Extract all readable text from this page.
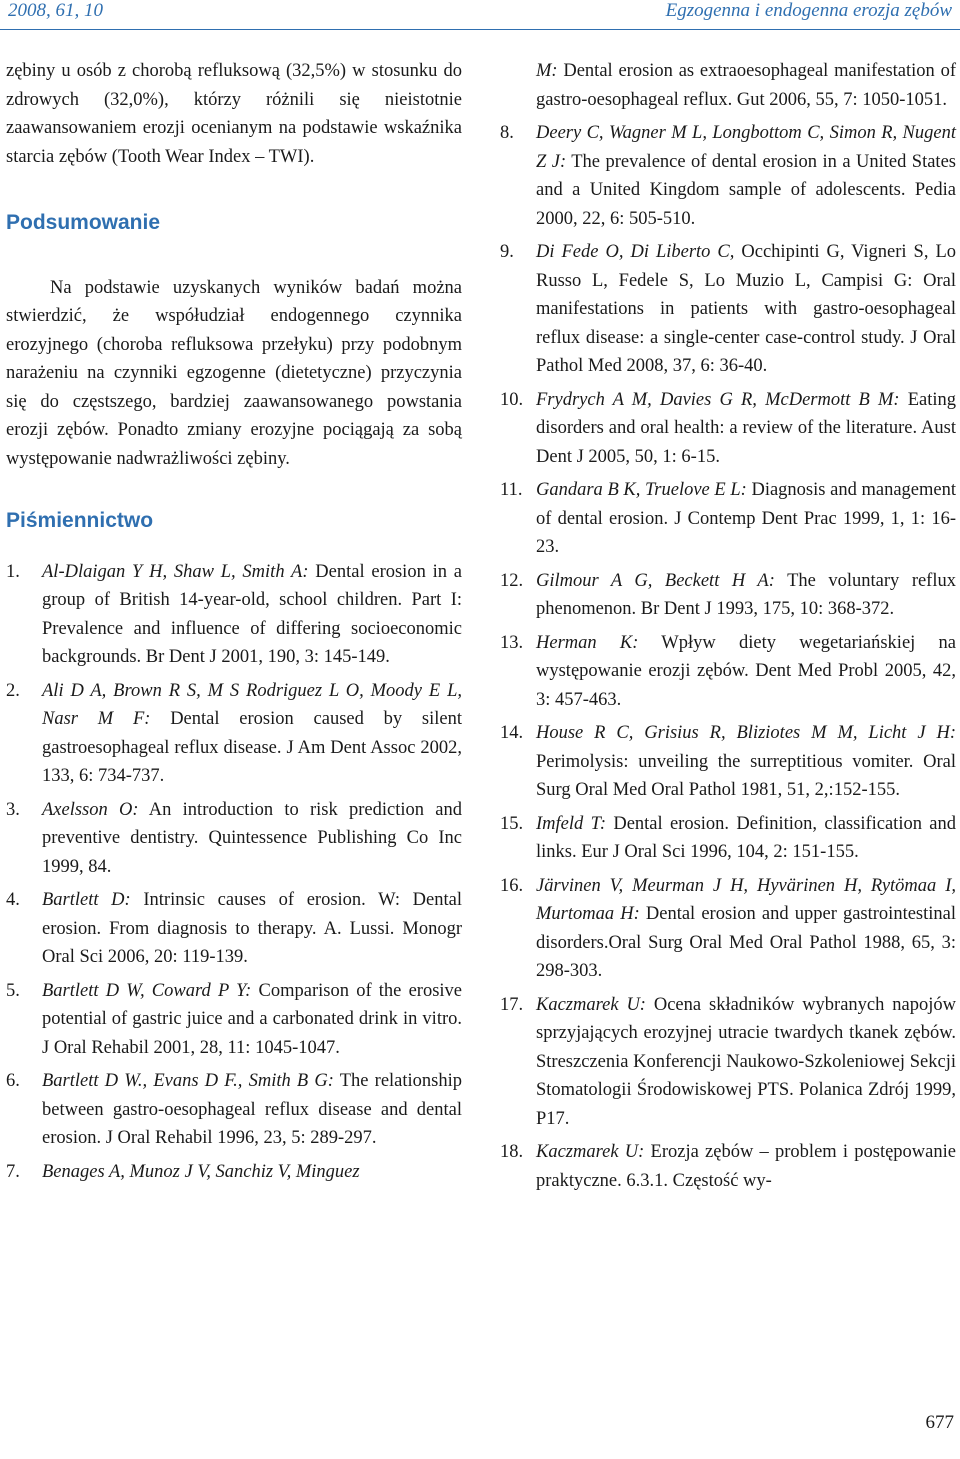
2008, 61, 10	Egzogenna i endogenna erozja zębów

zębiny u osób z chorobą refluksową (32,5%) w stosunku do zdrowych (32,0%), którzy różnili się nieistotnie zaawansowaniem erozji ocenianym na podstawie wskaźnika starcia zębów (Tooth Wear Index – TWI).

Podsumowanie

Na podstawie uzyskanych wyników badań można stwierdzić, że współudział endogennego czynnika erozyjnego (choroba refluksowa przełyku) przy podobnym narażeniu na czynniki egzogenne (dietetyczne) przyczynia się do częstszego, bardziej zaawansowanego powstania erozji zębów. Ponadto zmiany erozyjne pociągają za sobą występowanie nadwrażliwości zębiny.

Piśmiennictwo
1. Al-Dlaigan Y H, Shaw L, Smith A: Dental erosion in a group of British 14-year-old, school children. Part I: Prevalence and influence of differing socioeconomic backgrounds. Br Dent J 2001, 190, 3: 145-149.
2. Ali D A, Brown R S, M S Rodriguez L O, Moody E L, Nasr M F: Dental erosion caused by silent gastroesophageal reflux disease. J Am Dent Assoc 2002, 133, 6: 734-737.
3. Axelsson O: An introduction to risk prediction and preventive dentistry. Quintessence Publishing Co Inc 1999, 84.
4. Bartlett D: Intrinsic causes of erosion. W: Dental erosion. From diagnosis to therapy. A. Lussi. Monogr Oral Sci 2006, 20: 119-139.
5. Bartlett D W, Coward P Y: Comparison of the erosive potential of gastric juice and a carbonated drink in vitro. J Oral Rehabil 2001, 28, 11: 1045-1047.
6. Bartlett D W., Evans D F., Smith B G: The relationship between gastro-oesophageal reflux disease and dental erosion. J Oral Rehabil 1996, 23, 5: 289-297.
7. Benages A, Munoz J V, Sanchiz V, Minguez
M: Dental erosion as extraoesophageal manifestation of gastro-oesophageal reflux. Gut 2006, 55, 7: 1050-1051.
8. Deery C, Wagner M L, Longbottom C, Simon R, Nugent Z J: The prevalence of dental erosion in a United States and a United Kingdom sample of adolescents. Pedia 2000, 22, 6: 505-510.
9. Di Fede O, Di Liberto C, Occhipinti G, Vigneri S, Lo Russo L, Fedele S, Lo Muzio L, Campisi G: Oral manifestations in patients with gastro-oesophageal reflux disease: a single-center case-control study. J Oral Pathol Med 2008, 37, 6: 36-40.
10. Frydrych A M, Davies G R, McDermott B M: Eating disorders and oral health: a review of the literature. Aust Dent J 2005, 50, 1: 6-15.
11. Gandara B K, Truelove E L: Diagnosis and management of dental erosion. J Contemp Dent Prac 1999, 1, 1: 16-23.
12. Gilmour A G, Beckett H A: The voluntary reflux phenomenon. Br Dent J 1993, 175, 10: 368-372.
13. Herman K: Wpływ diety wegetariańskiej na występowanie erozji zębów. Dent Med Probl 2005, 42, 3: 457-463.
14. House R C, Grisius R, Bliziotes M M, Licht J H: Perimolysis: unveiling the surreptitious vomiter. Oral Surg Oral Med Oral Pathol 1981, 51, 2,:152-155.
15. Imfeld T: Dental erosion. Definition, classification and links. Eur J Oral Sci 1996, 104, 2: 151-155.
16. Järvinen V, Meurman J H, Hyvärinen H, Rytömaa I, Murtomaa H: Dental erosion and upper gastrointestinal disorders.Oral Surg Oral Med Oral Pathol 1988, 65, 3: 298-303.
17. Kaczmarek U: Ocena składników wybranych napojów sprzyjających erozyjnej utracie twardych tkanek zębów. Streszczenia Konferencji Naukowo-Szkoleniowej Sekcji Stomatologii Środowiskowej PTS. Polanica Zdrój 1999, P17.
18. Kaczmarek U: Erozja zębów – problem i postępowanie praktyczne. 6.3.1. Częstość wy-
677
